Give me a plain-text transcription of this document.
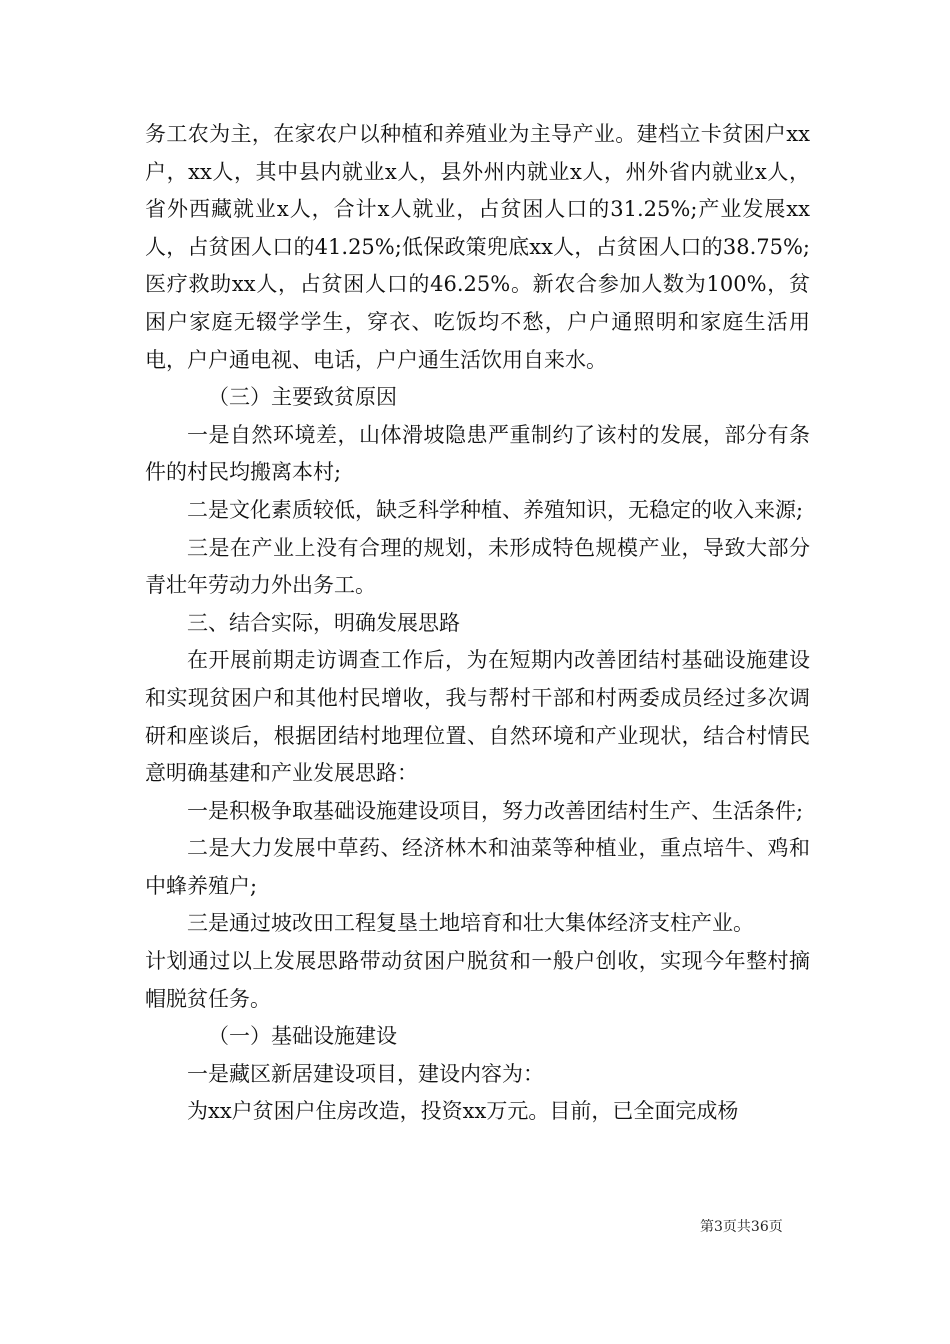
务工农为主，在家农户以种植和养殖业为主导产业。建档立卡贫困户xx户，xx人，其中县内就业x人，县外州内就业x人，州外省内就业x人，省外西藏就业x人，合计x人就业，占贫困人口的31.25%;产业发展xx人，占贫困人口的41.25%;低保政策兜底xx人，占贫困人口的38.75%;医疗救助xx人，占贫困人口的46.25%。新农合参加人数为100%，贫困户家庭无辍学学生，穿衣、吃饭均不愁，户户通照明和家庭生活用电，户户通电视、电话，户户通生活饮用自来水。

（三）主要致贫原因

一是自然环境差，山体滑坡隐患严重制约了该村的发展，部分有条件的村民均搬离本村;

二是文化素质较低，缺乏科学种植、养殖知识，无稳定的收入来源;

三是在产业上没有合理的规划，未形成特色规模产业，导致大部分青壮年劳动力外出务工。

三、结合实际，明确发展思路

在开展前期走访调查工作后，为在短期内改善团结村基础设施建设和实现贫困户和其他村民增收，我与帮村干部和村两委成员经过多次调研和座谈后，根据团结村地理位置、自然环境和产业现状，结合村情民意明确基建和产业发展思路：

一是积极争取基础设施建设项目，努力改善团结村生产、生活条件;

二是大力发展中草药、经济林木和油菜等种植业，重点培牛、鸡和中蜂养殖户;

三是通过坡改田工程复垦土地培育和壮大集体经济支柱产业。

计划通过以上发展思路带动贫困户脱贫和一般户创收，实现今年整村摘帽脱贫任务。

（一）基础设施建设

一是藏区新居建设项目，建设内容为：

为xx户贫困户住房改造，投资xx万元。目前，已全面完成杨

第3页共36页
